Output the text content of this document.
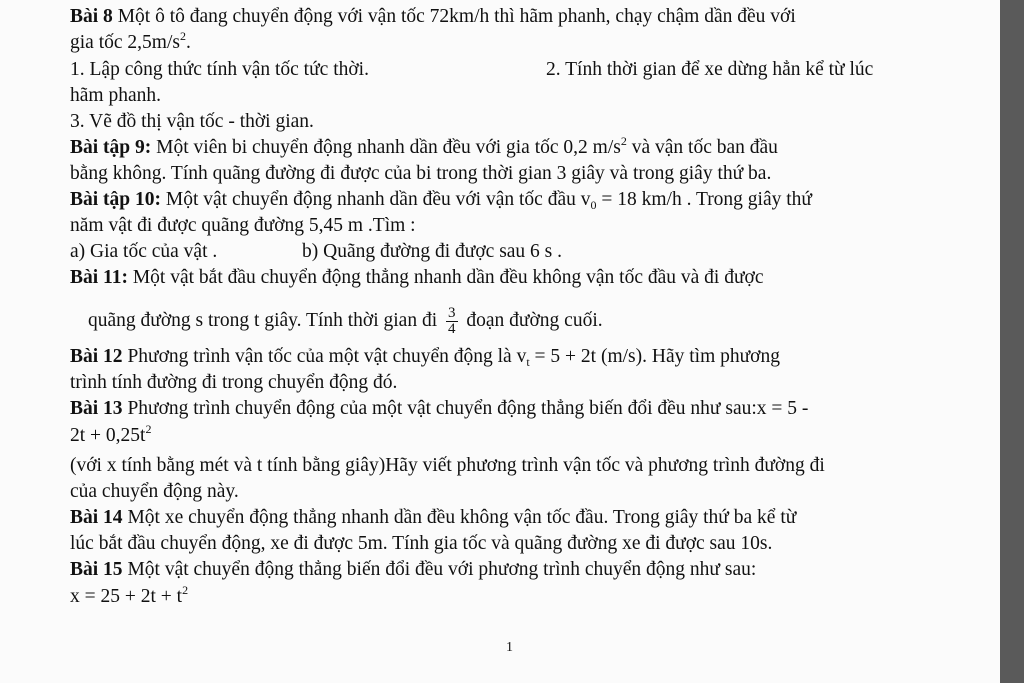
Bài 8 Một ô tô đang chuyển động với vận tốc 72km/h thì hãm phanh, chạy chậm dần đều với
gia tốc $2,5m/s^2$.
1. Lập công thức tính vận tốc tức thời.	2. Tính thời gian để xe dừng hẳn kể từ lúc
hãm phanh.
3. Vẽ đồ thị vận tốc - thời gian.
Bài tập 9: Một viên bi chuyển động nhanh dần đều với gia tốc 0,2 $m/s^2$ và vận tốc ban đầu
bằng không. Tính quãng đường đi được của bi trong thời gian 3 giây và trong giây thứ ba.
Bài tập 10: Một vật chuyển động nhanh dần đều với vận tốc đầu $v_0 = 18$ km/h . Trong giây thứ
năm vật đi được quãng đường 5,45 m .Tìm :
a) Gia tốc của vật .	b) Quãng đường đi được sau 6 s .
Bài 11: Một vật bắt đầu chuyển động thẳng nhanh dần đều không vận tốc đầu và đi được
quãng đường s trong t giây. Tính thời gian đi $\frac{3}{4}$ đoạn đường cuối.
Bài 12 Phương trình vận tốc của một vật chuyển động là $v_t = 5 + 2t$ (m/s). Hãy tìm phương
trình tính đường đi trong chuyển động đó.
Bài 13 Phương trình chuyển động của một vật chuyển động thẳng biến đổi đều như sau:x = 5 -
$2t + 0,25t^2$
(với x tính bằng mét và t tính bằng giây)Hãy viết phương trình vận tốc và phương trình đường đi
của chuyển động này.
Bài 14 Một xe chuyển động thẳng nhanh dần đều không vận tốc đầu. Trong giây thứ ba kể từ
lúc bắt đầu chuyển động, xe đi được 5m. Tính gia tốc và quãng đường xe đi được sau 10s.
Bài 15 Một vật chuyển động thẳng biến đổi đều với phương trình chuyển động như sau:
$x = 25 + 2t + t^2$
1
